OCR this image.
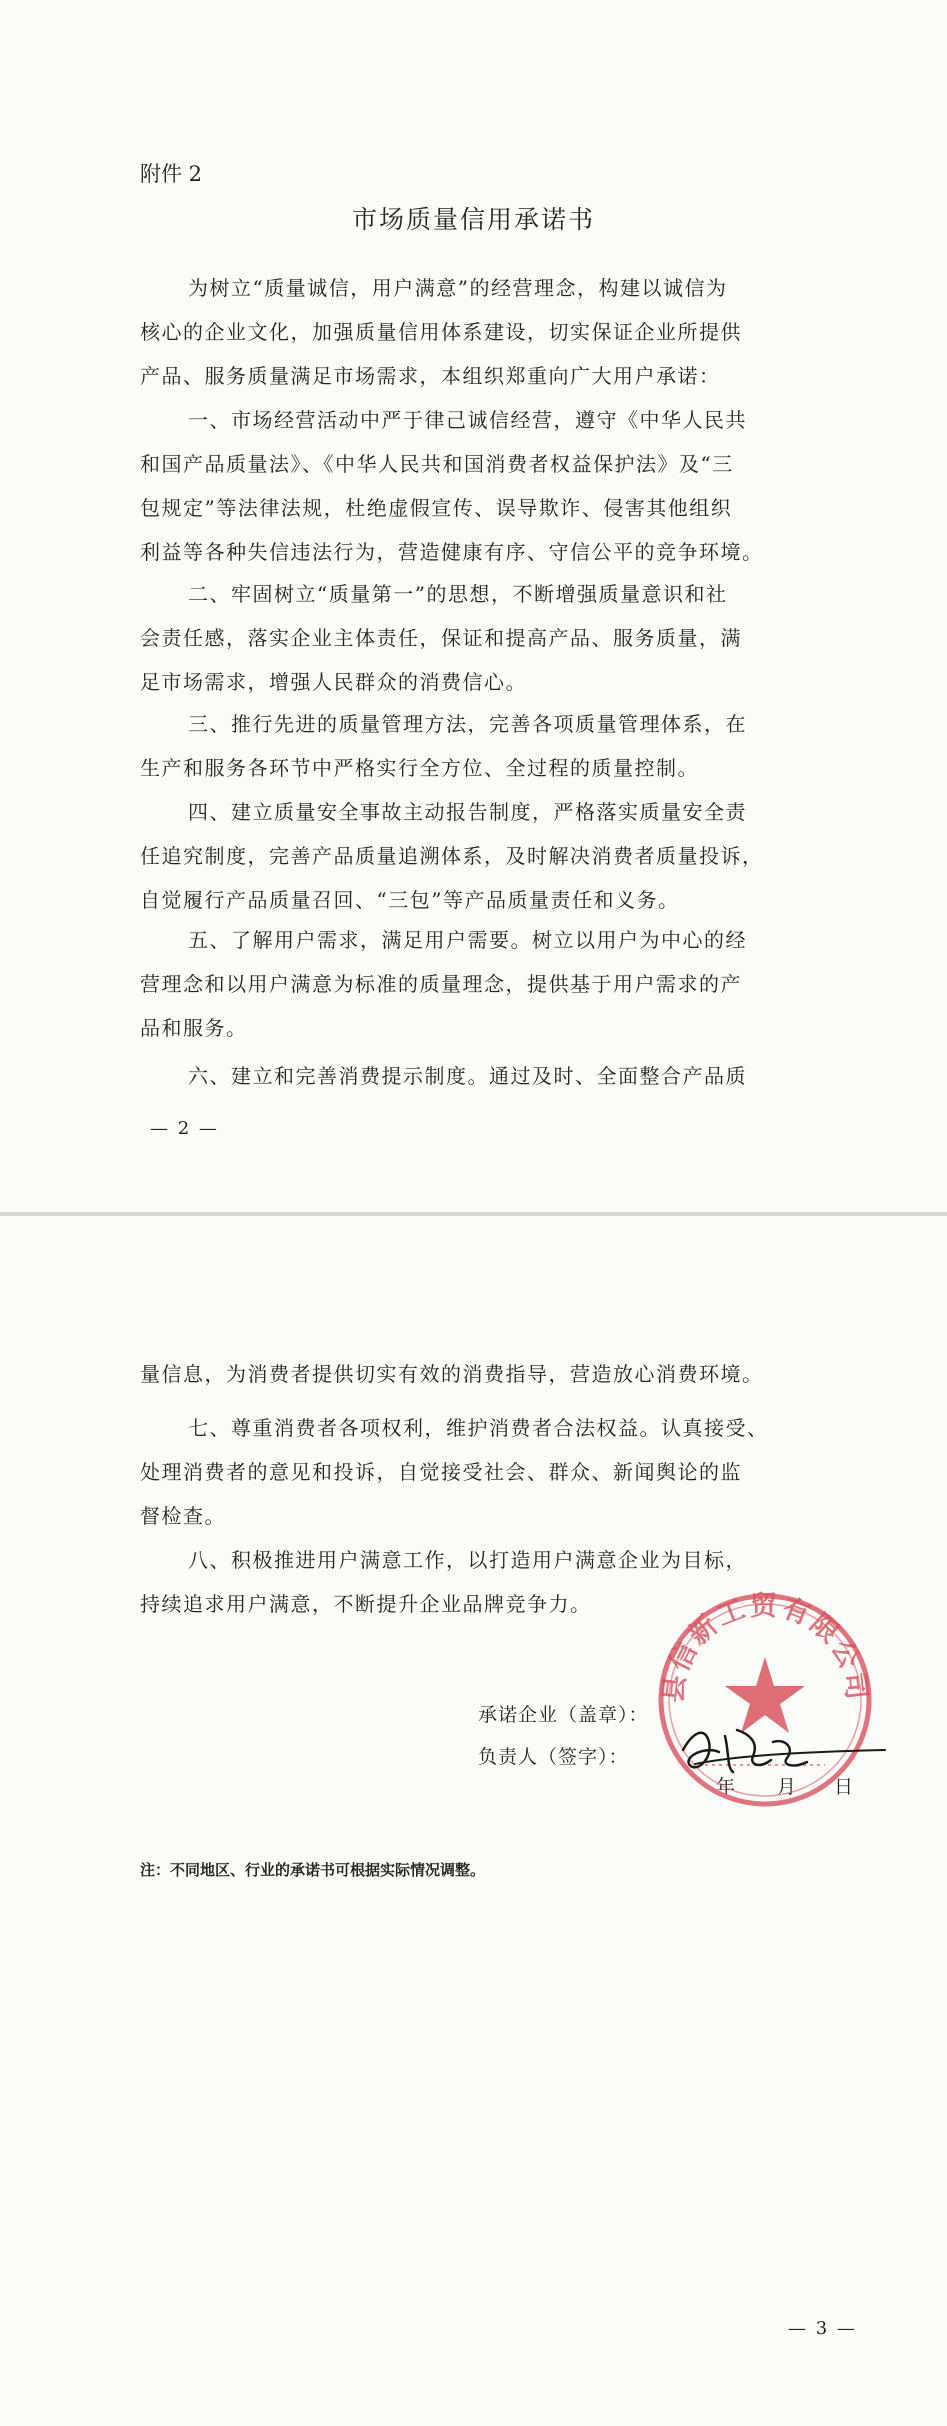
附件 2
市场质量信用承诺书

为树立“质量诚信，用户满意”的经营理念，构建以诚信为
核心的企业文化，加强质量信用体系建设，切实保证企业所提供
产品、服务质量满足市场需求，本组织郑重向广大用户承诺：

一、市场经营活动中严于律己诚信经营，遵守《中华人民共
和国产品质量法》、《中华人民共和国消费者权益保护法》及“三
包规定”等法律法规，杜绝虚假宣传、误导欺诈、侵害其他组织
利益等各种失信违法行为，营造健康有序、守信公平的竞争环境。

二、牢固树立“质量第一”的思想，不断增强质量意识和社
会责任感，落实企业主体责任，保证和提高产品、服务质量，满
足市场需求，增强人民群众的消费信心。

三、推行先进的质量管理方法，完善各项质量管理体系，在
生产和服务各环节中严格实行全方位、全过程的质量控制。

四、建立质量安全事故主动报告制度，严格落实质量安全责
任追究制度，完善产品质量追溯体系，及时解决消费者质量投诉，
自觉履行产品质量召回、“三包”等产品质量责任和义务。

五、了解用户需求，满足用户需要。树立以用户为中心的经
营理念和以用户满意为标准的质量理念，提供基于用户需求的产
品和服务。

六、建立和完善消费提示制度。通过及时、全面整合产品质

— 2 —

量信息，为消费者提供切实有效的消费指导，营造放心消费环境。

七、尊重消费者各项权利，维护消费者合法权益。认真接受、
处理消费者的意见和投诉，自觉接受社会、群众、新闻舆论的监
督检查。

八、积极推进用户满意工作，以打造用户满意企业为目标，
持续追求用户满意，不断提升企业品牌竞争力。

— 3 —
承诺企业（盖章）：
负责人（签字）：
年 月 日
县信新工贸有限公司
注：不同地区、行业的承诺书可根据实际情况调整。
